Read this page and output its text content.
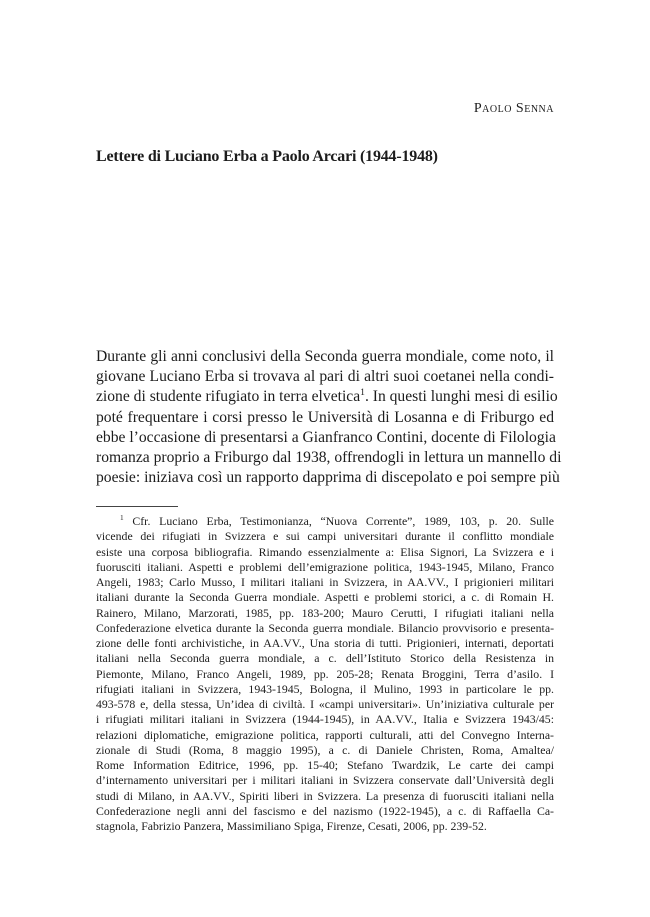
Paolo Senna
Lettere di Luciano Erba a Paolo Arcari (1944-1948)
Durante gli anni conclusivi della Seconda guerra mondiale, come noto, il
giovane Luciano Erba si trovava al pari di altri suoi coetanei nella condi-
zione di studente rifugiato in terra elvetica$^1$. In questi lunghi mesi di esilio
poté frequentare i corsi presso le Università di Losanna e di Friburgo ed
ebbe l’occasione di presentarsi a Gianfranco Contini, docente di Filologia
romanza proprio a Friburgo dal 1938, offrendogli in lettura un mannello di
poesie: iniziava così un rapporto dapprima di discepolato e poi sempre più
$^1$ Cfr. Luciano Erba, Testimonianza, “Nuova Corrente”, 1989, 103, p. 20. Sulle
vicende dei rifugiati in Svizzera e sui campi universitari durante il conflitto mondiale
esiste una corposa bibliografia. Rimando essenzialmente a: Elisa Signori, La Svizzera e i
fuorusciti italiani. Aspetti e problemi dell’emigrazione politica, 1943-1945, Milano, Franco
Angeli, 1983; Carlo Musso, I militari italiani in Svizzera, in AA.VV., I prigionieri militari
italiani durante la Seconda Guerra mondiale. Aspetti e problemi storici, a c. di Romain H.
Rainero, Milano, Marzorati, 1985, pp. 183-200; Mauro Cerutti, I rifugiati italiani nella
Confederazione elvetica durante la Seconda guerra mondiale. Bilancio provvisorio e presenta-
zione delle fonti archivistiche, in AA.VV., Una storia di tutti. Prigionieri, internati, deportati
italiani nella Seconda guerra mondiale, a c. dell’Istituto Storico della Resistenza in
Piemonte, Milano, Franco Angeli, 1989, pp. 205-28; Renata Broggini, Terra d’asilo. I
rifugiati italiani in Svizzera, 1943-1945, Bologna, il Mulino, 1993 in particolare le pp.
493-578 e, della stessa, Un’idea di civiltà. I «campi universitari». Un’iniziativa culturale per
i rifugiati militari italiani in Svizzera (1944-1945), in AA.VV., Italia e Svizzera 1943/45:
relazioni diplomatiche, emigrazione politica, rapporti culturali, atti del Convegno Interna-
zionale di Studi (Roma, 8 maggio 1995), a c. di Daniele Christen, Roma, Amaltea/
Rome Information Editrice, 1996, pp. 15-40; Stefano Twardzik, Le carte dei campi
d’internamento universitari per i militari italiani in Svizzera conservate dall’Università degli
studi di Milano, in AA.VV., Spiriti liberi in Svizzera. La presenza di fuorusciti italiani nella
Confederazione negli anni del fascismo e del nazismo (1922-1945), a c. di Raffaella Ca-
stagnola, Fabrizio Panzera, Massimiliano Spiga, Firenze, Cesati, 2006, pp. 239-52.
